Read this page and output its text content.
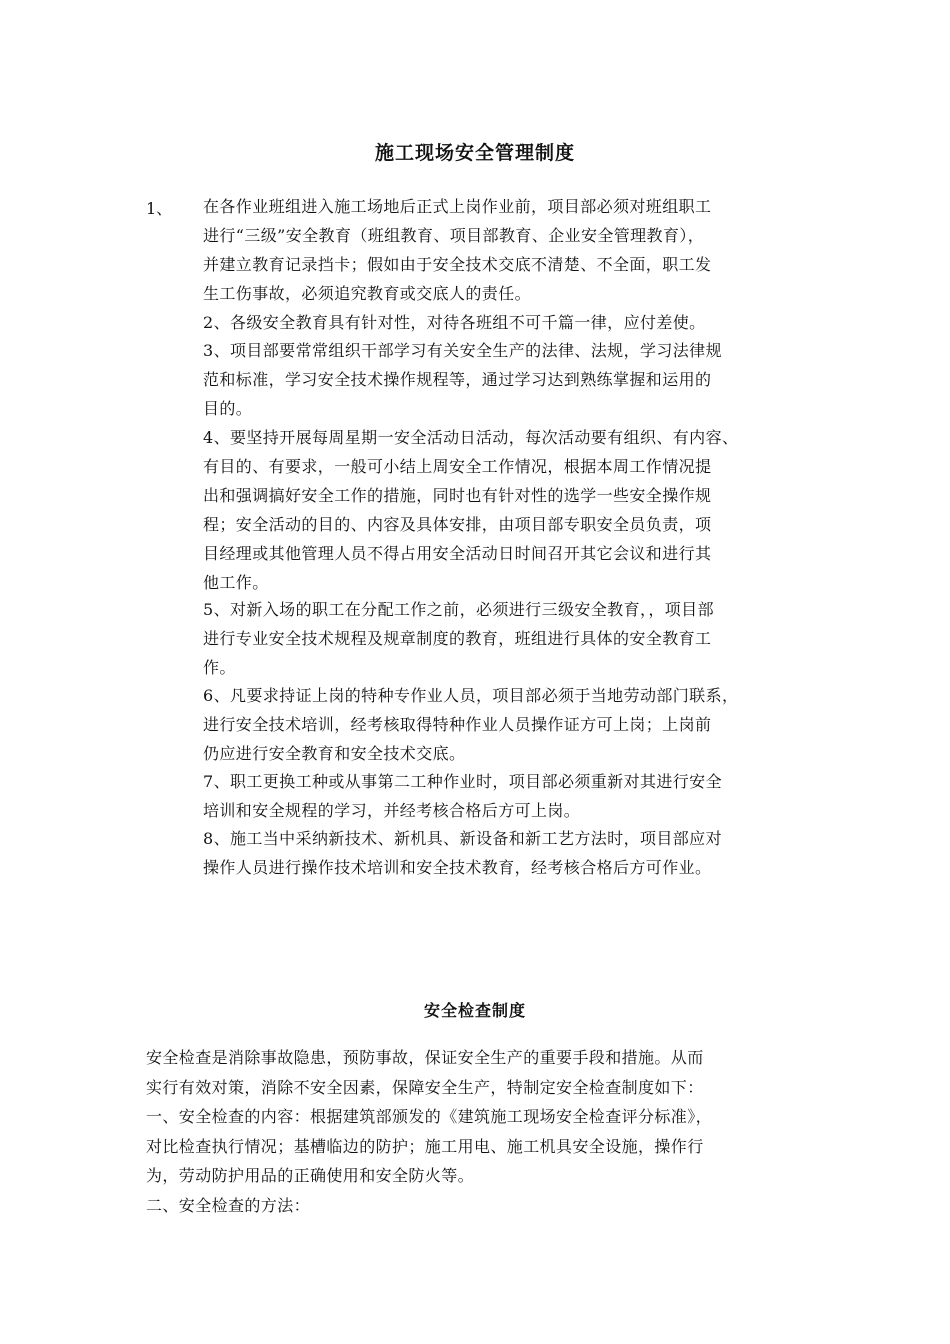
施工现场安全管理制度
1、 在各作业班组进入施工场地后正式上岗作业前，项目部必须对班组职工
进行“三级”安全教育（班组教育、项目部教育、企业安全管理教育），
并建立教育记录挡卡；假如由于安全技术交底不清楚、不全面，职工发
生工伤事故，必须追究教育或交底人的责任。
2、各级安全教育具有针对性，对待各班组不可千篇一律，应付差使。
3、项目部要常常组织干部学习有关安全生产的法律、法规，学习法律规
范和标准，学习安全技术操作规程等，通过学习达到熟练掌握和运用的
目的。
4、要坚持开展每周星期一安全活动日活动，每次活动要有组织、有内容、
有目的、有要求，一般可小结上周安全工作情况，根据本周工作情况提
出和强调搞好安全工作的措施，同时也有针对性的选学一些安全操作规
程；安全活动的目的、内容及具体安排，由项目部专职安全员负责，项
目经理或其他管理人员不得占用安全活动日时间召开其它会议和进行其
他工作。
5、对新入场的职工在分配工作之前，必须进行三级安全教育，，项目部
进行专业安全技术规程及规章制度的教育，班组进行具体的安全教育工
作。
6、凡要求持证上岗的特种专作业人员，项目部必须于当地劳动部门联系，
进行安全技术培训，经考核取得特种作业人员操作证方可上岗；上岗前
仍应进行安全教育和安全技术交底。
7、职工更换工种或从事第二工种作业时，项目部必须重新对其进行安全
培训和安全规程的学习，并经考核合格后方可上岗。
8、施工当中采纳新技术、新机具、新设备和新工艺方法时，项目部应对
操作人员进行操作技术培训和安全技术教育，经考核合格后方可作业。
安全检查制度
安全检查是消除事故隐患，预防事故，保证安全生产的重要手段和措施。从而
实行有效对策，消除不安全因素，保障安全生产，特制定安全检查制度如下：
一、安全检查的内容：根据建筑部颁发的《建筑施工现场安全检查评分标准》，
对比检查执行情况；基槽临边的防护；施工用电、施工机具安全设施，操作行
为，劳动防护用品的正确使用和安全防火等。
二、安全检查的方法：
